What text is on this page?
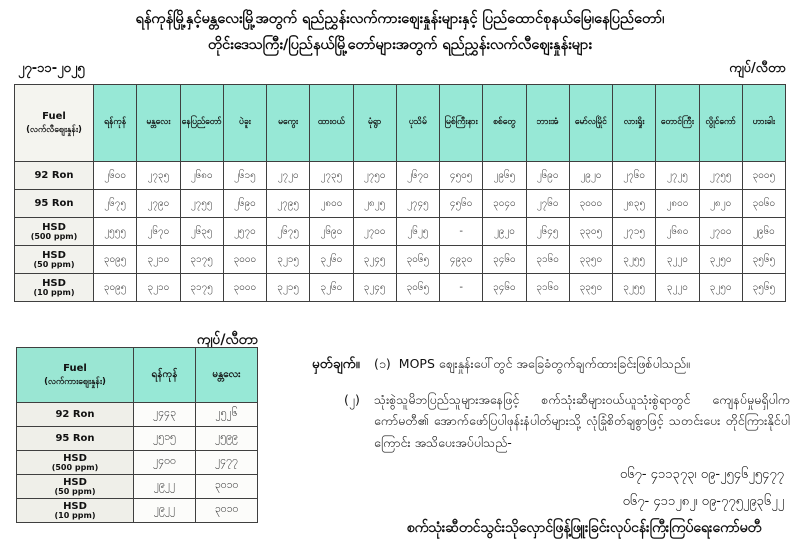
ရန်ကုန်မြို့နှင့်မန္တလေးမြို့အတွက် ရည်ညွှန်းလက်ကားဈေးနှုန်းများနှင့် ပြည်ထောင်စုနယ်မြေ၊နေပြည်တော်၊
တိုင်းဒေသကြီး/ပြည်နယ်မြို့တော်များအတွက် ရည်ညွှန်းလက်လီဈေးနှုန်းများ
၂၇-၁၁-၂၀၂၅	ကျပ်/လီတာ
Fuel
(လက်လီဈေးနှုန်း)	ရန်ကုန်	မန္တလေး	နေပြည်တော်	ပဲခူး	မကွေး	ထားဝယ်	မုံရွာ	ပုသိမ်	မြစ်ကြီးနား	စစ်တွေ	ဘားအံ	မော်လမြိုင်	လားရှိုး	တောင်ကြီး	လွိုင်ကော်	ဟားခါး

92 Ron	၂၆၀၀	၂၇၃၅	၂၆၈၀	၂၆၁၅	၂၇၂၀	၂၇၃၅	၂၇၅၀	၂၆၇၀	၄၅၀၅	၂၉၆၅	၂၆၉၀	၂၉၂၀	၂၇၆၀	၂၇၂၅	၂၇၅၅	၃၀၀၅

95 Ron	၂၆၇၅	၂၇၉၀	၂၇၅၅	၂၆၉၀	၂၇၉၅	၂၈၀၀	၂၈၂၅	၂၇၄၅	၄၅၆၀	၃၀၄၀	၂၇၆၀	၃၀၀၀	၂၈၃၅	၂၈၀၀	၂၈၂၀	၃၀၆၀

HSD
(500 ppm)	၂၅၅၅	၂၆၇၀	၂၆၃၅	၂၅၇၀	၂၆၇၅	၂၆၉၀	၂၇၀၀	၂၆၂၅	-	၂၉၂၀	၂၆၄၅	၃၃၀၅	၂၇၁၅	၂၆၈၀	၂၇၀၀	၂၉၆၀

HSD
(50 ppm)	၃၀၉၅	၃၂၁၀	၃၁၇၅	၃၀၀၀	၃၂၁၅	၃၂၆၀	၃၂၄၅	၃၀၆၅	၄၉၃၀	၃၄၆၀	၃၁၆၀	၃၃၅၀	၃၂၅၅	၃၂၂၀	၃၂၅၀	၃၅၆၅

HSD
(10 ppm)	၃၀၉၅	၃၂၁၀	၃၁၇၅	၃၀၀၀	၃၂၁၅	၃၂၆၀	၃၂၄၅	၃၀၆၅	-	၃၄၆၀	၃၁၆၀	၃၃၅၀	၃၂၅၅	၃၂၂၀	၃၂၅၀	၃၅၆၅
ကျပ်/လီတာ
Fuel
(လက်ကားဈေးနှုန်း)	ရန်ကုန်	မန္တလေး

92 Ron	၂၄၄၃	၂၅၂၆

95 Ron	၂၅၁၅	၂၅၉၉

HSD
(500 ppm)	၂၄၀၀	၂၄၇၇

HSD
(50 ppm)	၂၉၂၂	၃၀၁၀

HSD
(10 ppm)	၂၉၂၂	၃၀၁၀
မှတ်ချက်။ (၁) MOPS ဈေးနှုန်းပေါ်တွင် အခြေခံတွက်ချက်ထားခြင်းဖြစ်ပါသည်။
(၂) သုံးစွဲသူမိဘပြည်သူများအနေဖြင့် စက်သုံးဆီများဝယ်ယူသုံးစွဲရာတွင် ကျေနပ်မှုမရှိပါက ကော်မတီ၏ အောက်ဖော်ပြပါဖုန်းနံပါတ်များသို့ လုံခြုံစိတ်ချစွာဖြင့် သတင်းပေး တိုင်ကြားနိုင်ပါကြောင်း အသိပေးအပ်ပါသည်-
၀၆၇- ၄၁၁၃၇၃၊ ၀၉-၂၅၄၆၂၅၄၇၇
၀၆၇- ၄၁၁၂၈၂၊ ၀၉-၇၇၅၂၉၃၆၂၂
စက်သုံးဆီတင်သွင်းသိုလှောင်ဖြန့်ဖြူးခြင်းလုပ်ငန်းကြီးကြပ်ရေးကော်မတီ
